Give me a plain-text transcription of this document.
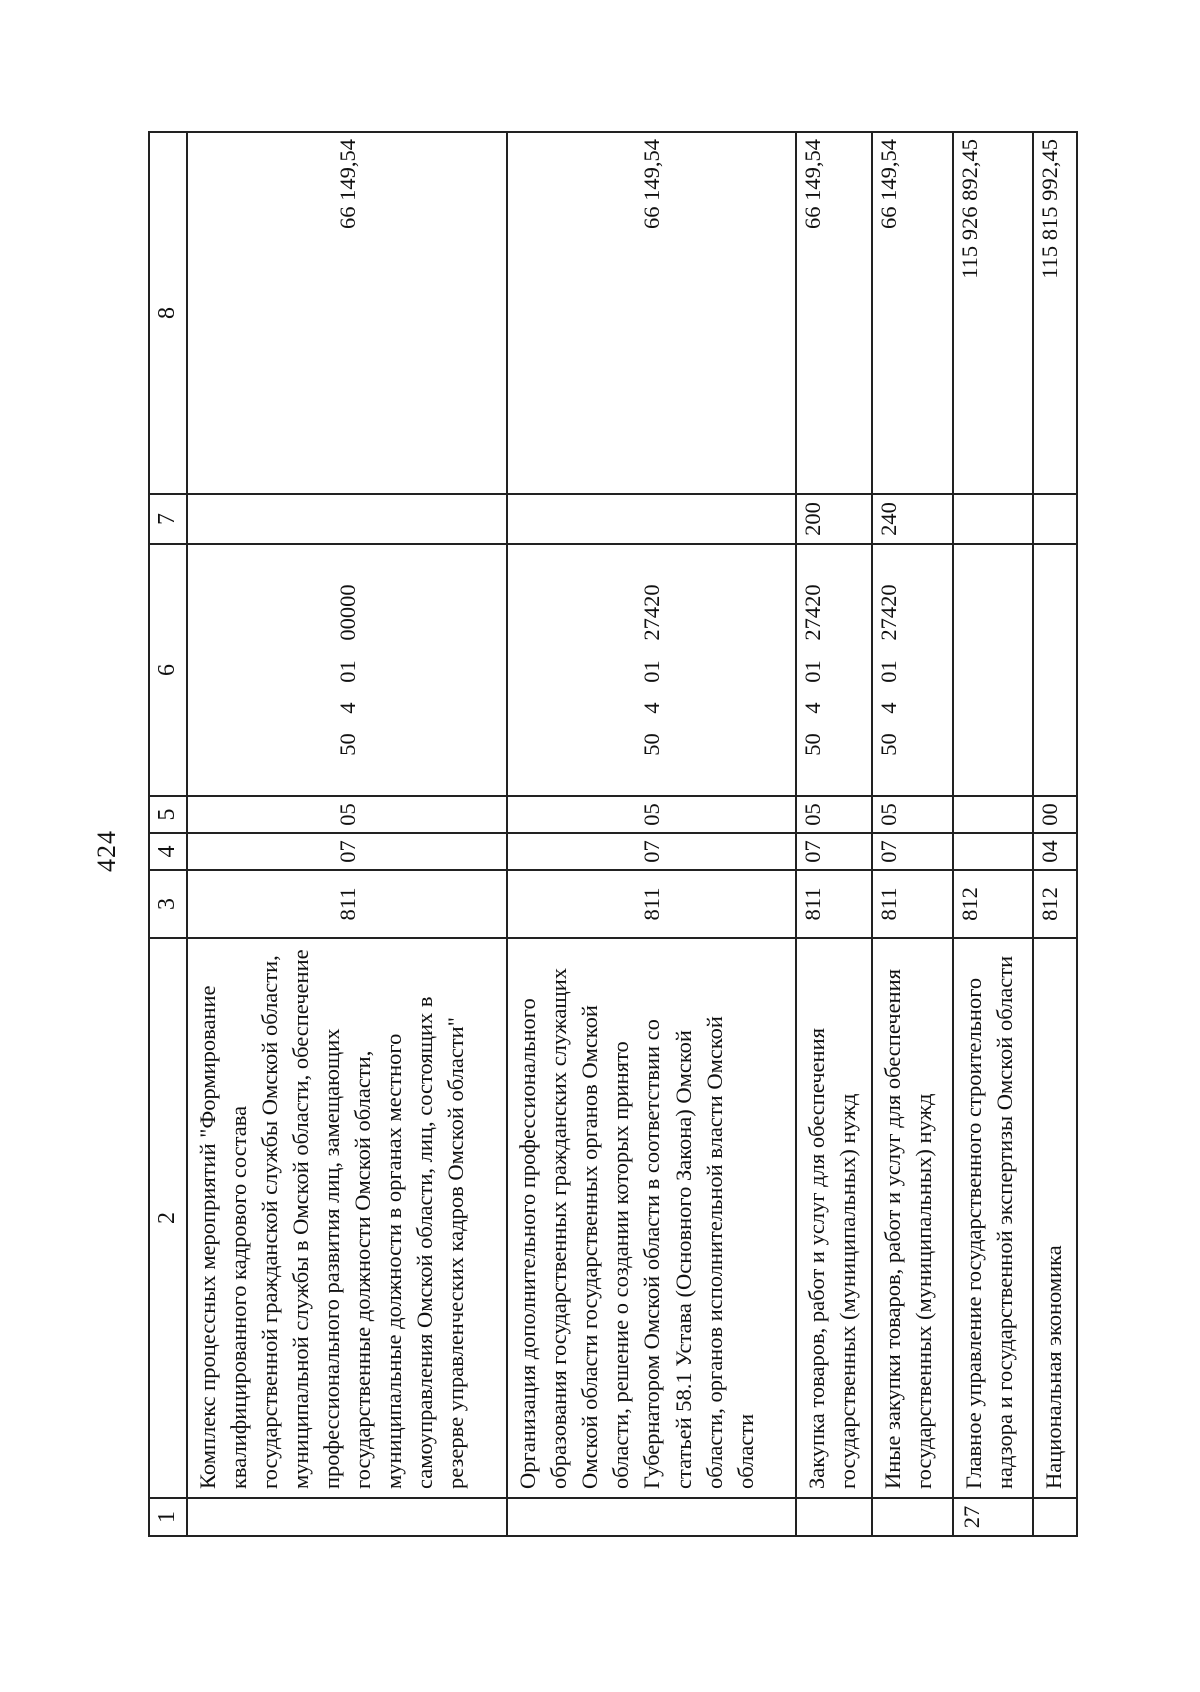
424
1	2	3	4	5	6	7	8
	Комплекс процессных мероприятий "Формирование квалифицированного кадрового состава государственной гражданской службы Омской области, муниципальной службы в Омской области, обеспечение профессионального развития лиц, замещающих государственные должности Омской области, муниципальные должности в органах местного самоуправления Омской области, лиц, состоящих в резерве управленческих кадров Омской области"	811	07	05	50 4 01 00000		66 149,54
	Организация дополнительного профессионального образования государственных гражданских служащих Омской области государственных органов Омской области, решение о создании которых принято Губернатором Омской области в соответствии со статьей 58.1 Устава (Основного Закона) Омской области, органов исполнительной власти Омской области	811	07	05	50 4 01 27420		66 149,54
	Закупка товаров, работ и услуг для обеспечения государственных (муниципальных) нужд	811	07	05	50 4 01 27420	200	66 149,54
	Иные закупки товаров, работ и услуг для обеспечения государственных (муниципальных) нужд	811	07	05	50 4 01 27420	240	66 149,54
27	Главное управление государственного строительного надзора и государственной экспертизы Омской области	812					115 926 892,45
	Национальная экономика	812	04	00			115 815 992,45
